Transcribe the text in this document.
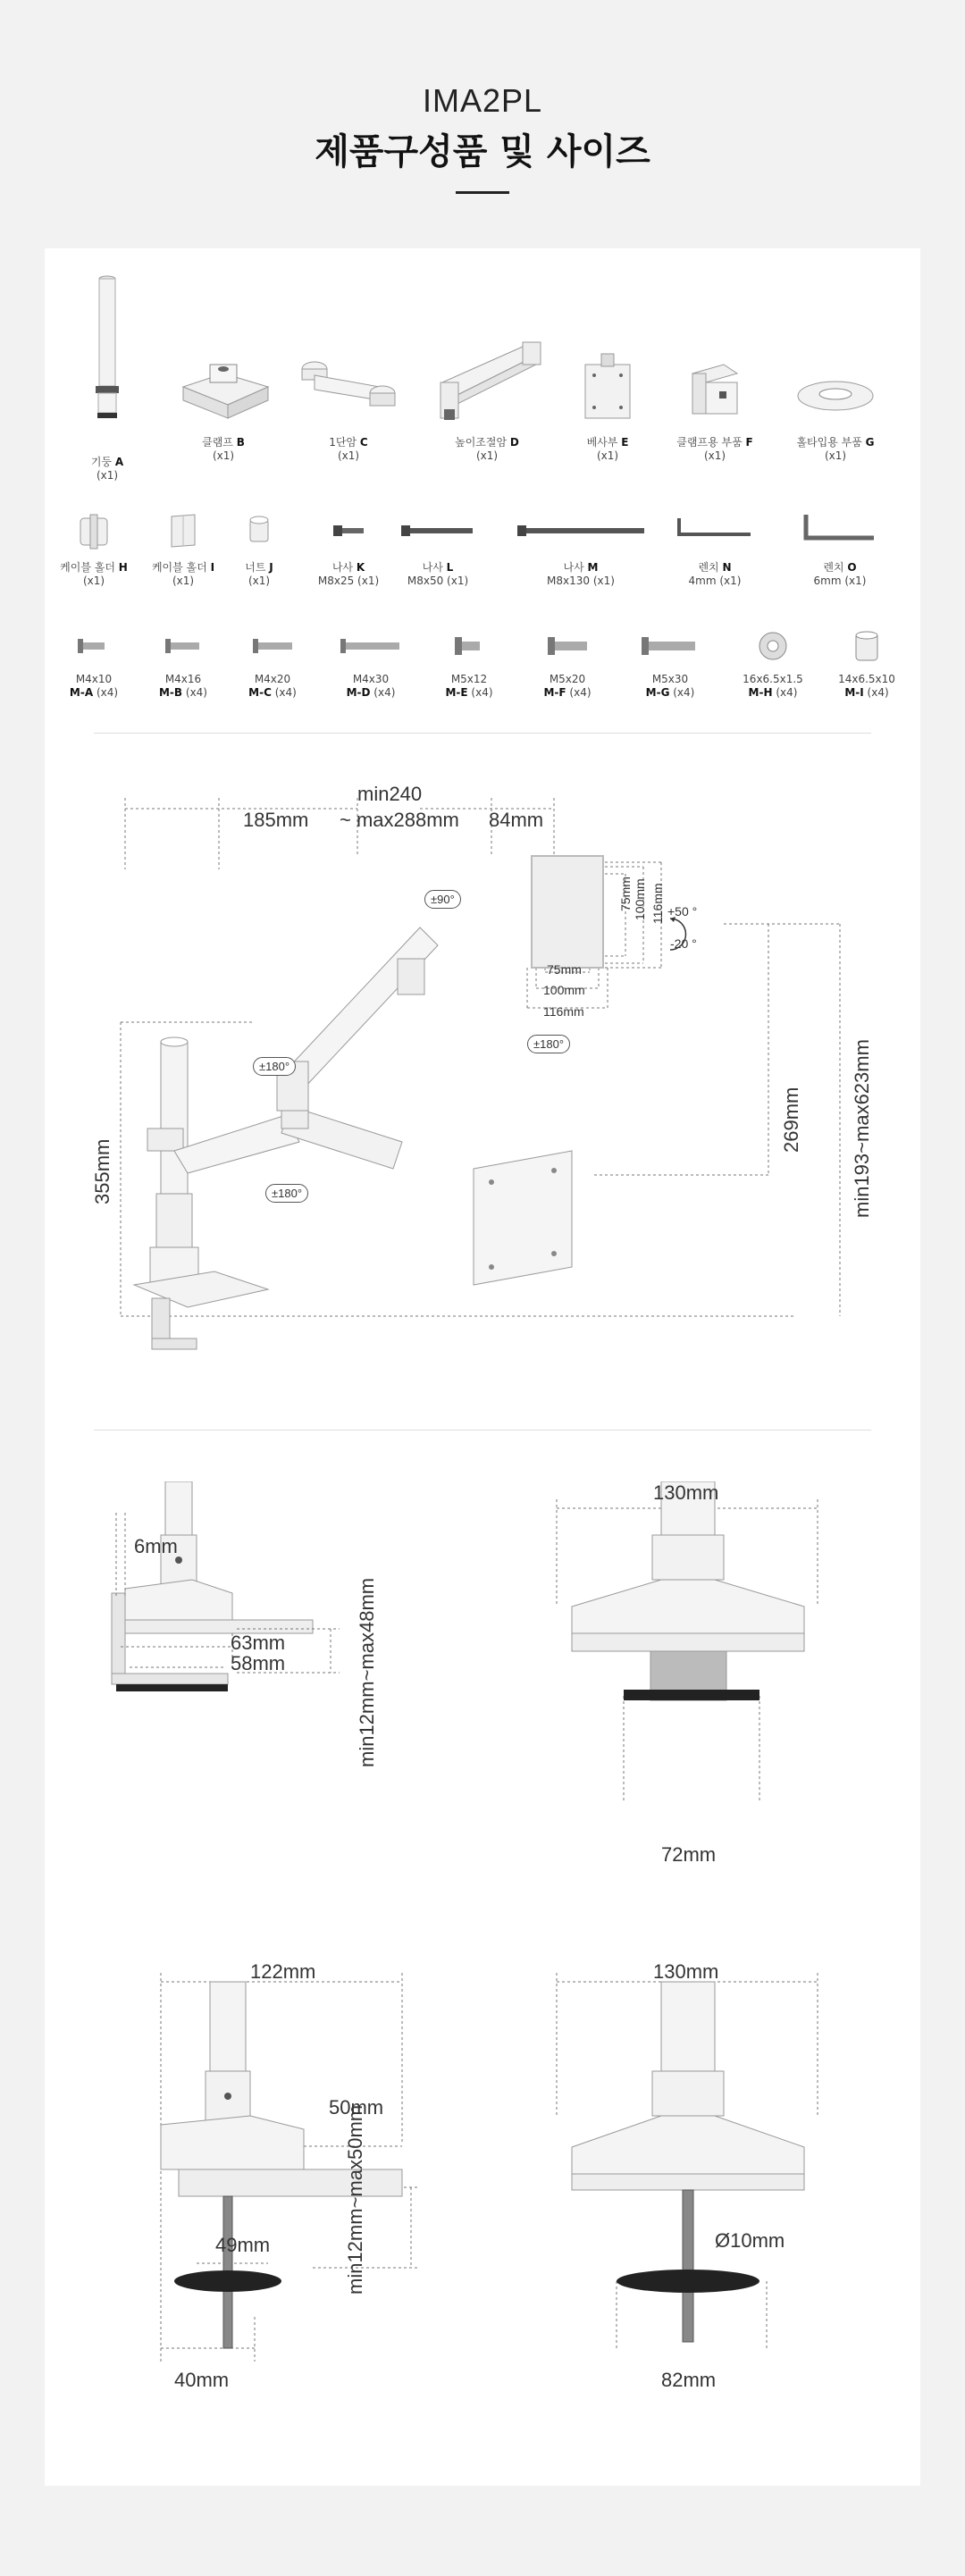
IMA2PL
제품구성품 및 사이즈
기둥 A
(x1)
클램프 B
(x1)
1단암 C
(x1)
높이조절암 D
(x1)
베사부 E
(x1)
클램프용 부품 F
(x1)
홀타입용 부품 G
(x1)
케이블 홀더 H
(x1)
케이블 홀더 I
(x1)
너트 J
(x1)
나사 K
M8x25 (x1)
나사 L
M8x50 (x1)
나사 M
M8x130 (x1)
렌치 N
4mm (x1)
렌치 O
6mm (x1)
M4x10
M-A (x4)
M4x16
M-B (x4)
M4x20
M-C (x4)
M4x30
M-D (x4)
M5x12
M-E (x4)
M5x20
M-F (x4)
M5x30
M-G (x4)
16x6.5x1.5
M-H (x4)
14x6.5x10
M-I (x4)
min240
~ max288mm
185mm	84mm
±90°
+50 °
-20 °
75mm 100mm 116mm
75mm
100mm
116mm
±180°
±180°
±180°
355mm
269mm min193~max623mm
6mm
63mm
58mm	min12mm~max48mm
130mm
72mm
122mm
50mm
49mm
40mm
min12mm~max50mm
130mm
Ø10mm
82mm
